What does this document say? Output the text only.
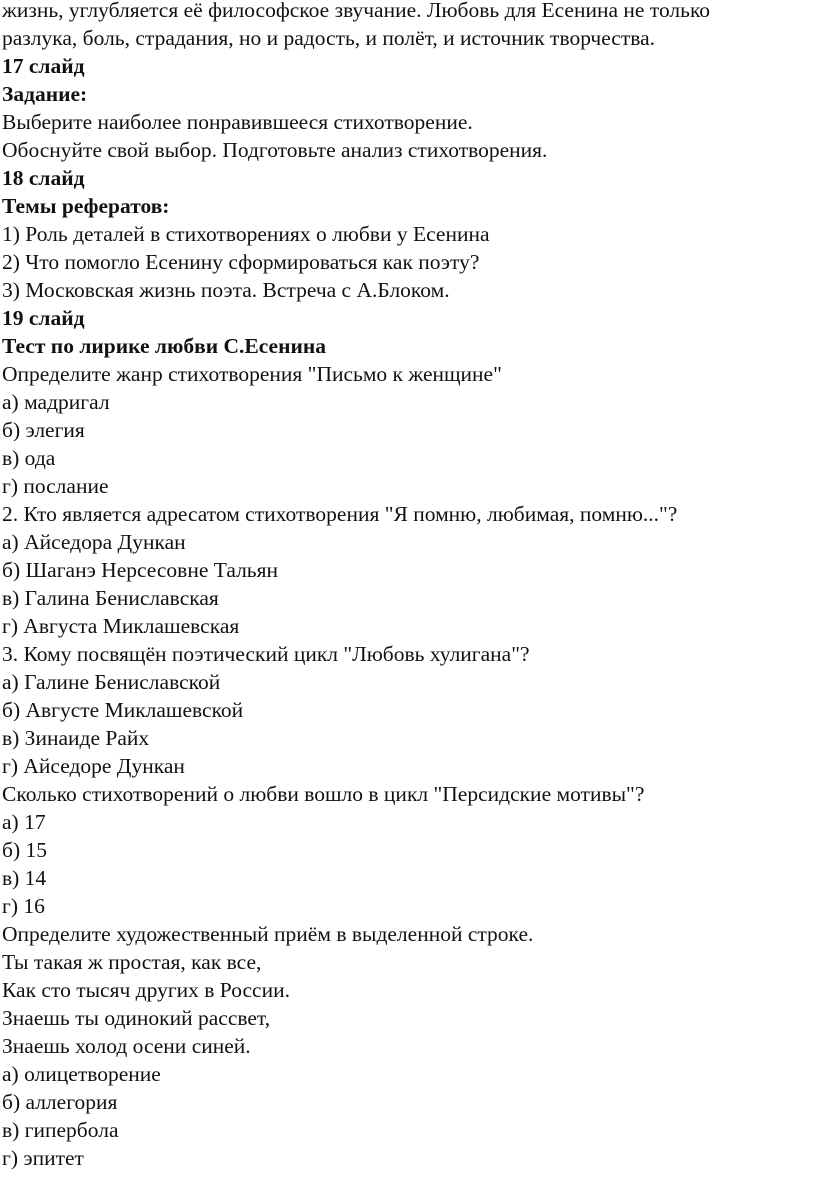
жизнь, углубляется её философское звучание. Любовь для Есенина не только
разлука, боль, страдания, но и радость, и полёт, и источник творчества.
17 слайд
Задание:
Выберите наиболее понравившееся стихотворение.
Обоснуйте свой выбор. Подготовьте анализ стихотворения.
18 слайд
Темы рефератов:
1) Роль деталей в стихотворениях о любви у Есенина
2) Что помогло Есенину сформироваться как поэту?
3) Московская жизнь поэта. Встреча с А.Блоком.
19 слайд
Тест по лирике любви С.Есенина
Определите жанр стихотворения "Письмо к женщине"
а) мадригал
б) элегия
в) ода
г) послание
2. Кто является адресатом стихотворения "Я помню, любимая, помню..."?
а) Айседора Дункан
б) Шаганэ Нерсесовне Тальян
в) Галина Бениславская
г) Августа Миклашевская
3. Кому посвящён поэтический цикл "Любовь хулигана"?
а) Галине Бениславской
б) Августе Миклашевской
в) Зинаиде Райх
г) Айседоре Дункан
Сколько стихотворений о любви вошло в цикл "Персидские мотивы"?
а) 17
б) 15
в) 14
г) 16
Определите художественный приём в выделенной строке.
Ты такая ж простая, как все,
Как сто тысяч других в России.
Знаешь ты одинокий рассвет,
Знаешь холод осени синей.
а) олицетворение
б) аллегория
в) гипербола
г) эпитет
